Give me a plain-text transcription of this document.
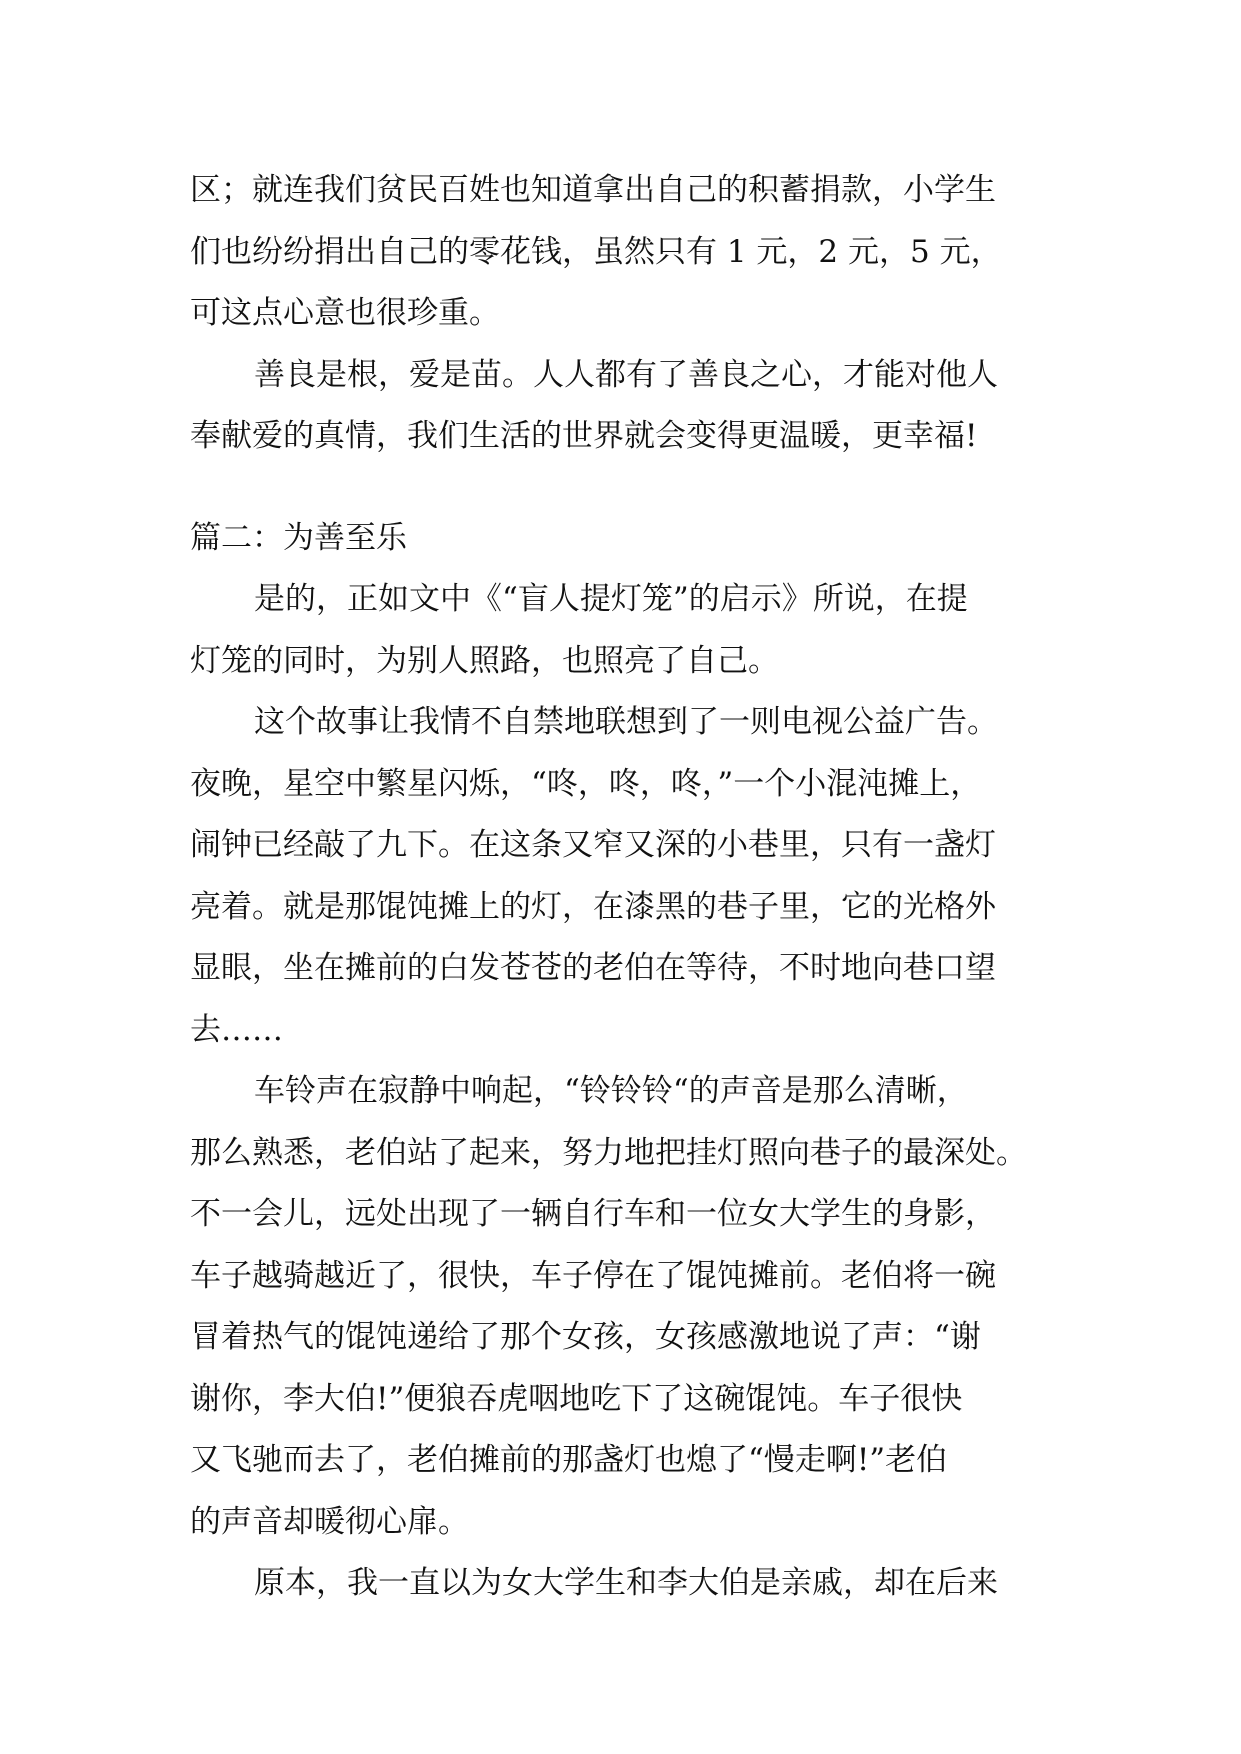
区；就连我们贫民百姓也知道拿出自己的积蓄捐款，小学生
们也纷纷捐出自己的零花钱，虽然只有 1 元，2 元，5 元，
可这点心意也很珍重。
善良是根，爱是苗。人人都有了善良之心，才能对他人
奉献爱的真情，我们生活的世界就会变得更温暖，更幸福!
篇二：为善至乐
是的，正如文中《“盲人提灯笼”的启示》所说，在提
灯笼的同时，为别人照路，也照亮了自己。
这个故事让我情不自禁地联想到了一则电视公益广告。
夜晚，星空中繁星闪烁，“咚，咚，咚，”一个小混沌摊上，
闹钟已经敲了九下。在这条又窄又深的小巷里，只有一盏灯
亮着。就是那馄饨摊上的灯，在漆黑的巷子里，它的光格外
显眼，坐在摊前的白发苍苍的老伯在等待，不时地向巷口望
去……
车铃声在寂静中响起，“铃铃铃“的声音是那么清晰，
那么熟悉，老伯站了起来，努力地把挂灯照向巷子的最深处。
不一会儿，远处出现了一辆自行车和一位女大学生的身影，
车子越骑越近了，很快，车子停在了馄饨摊前。老伯将一碗
冒着热气的馄饨递给了那个女孩，女孩感激地说了声：“谢
谢你，李大伯!”便狼吞虎咽地吃下了这碗馄饨。车子很快
又飞驰而去了，老伯摊前的那盏灯也熄了“慢走啊!”老伯
的声音却暖彻心扉。
原本，我一直以为女大学生和李大伯是亲戚，却在后来
